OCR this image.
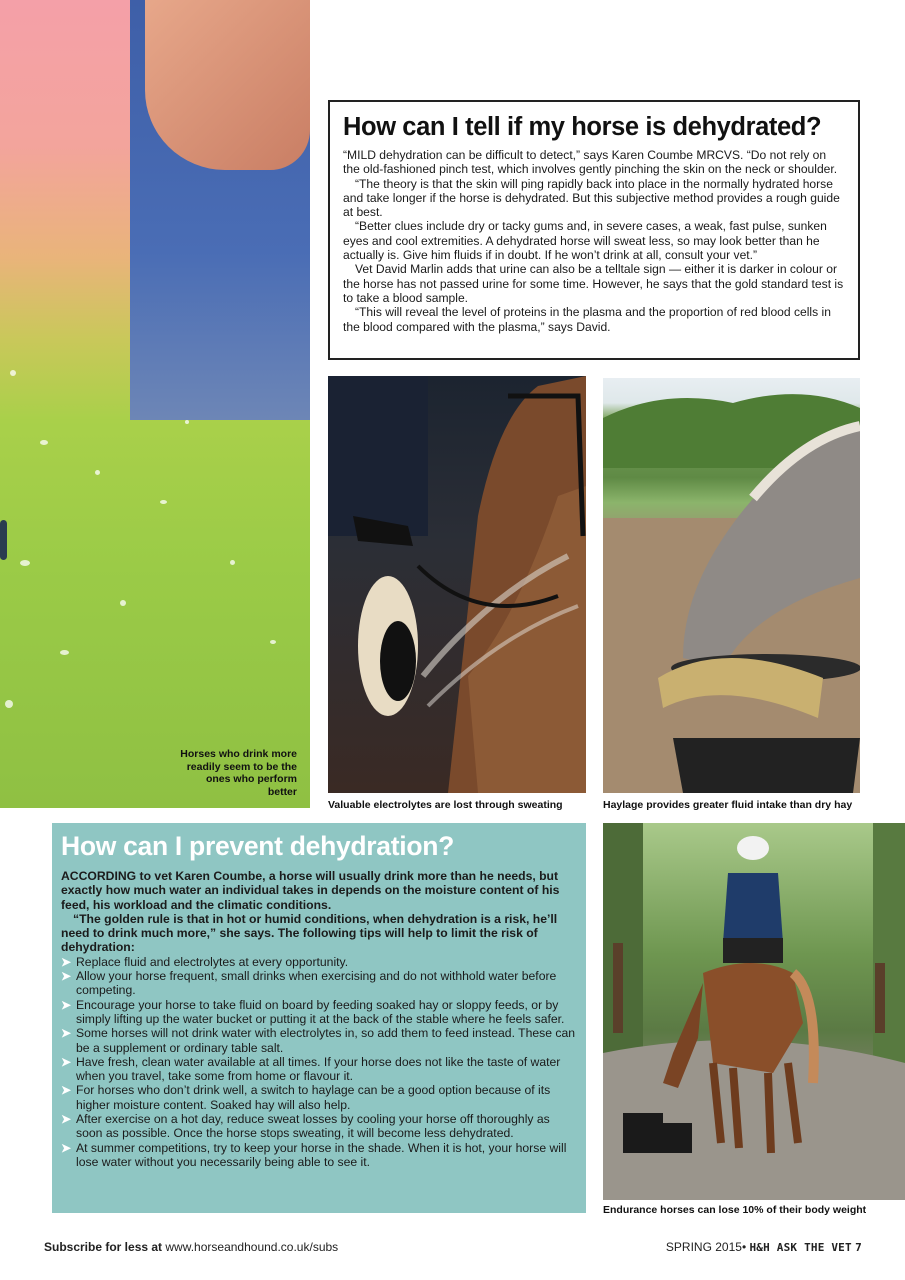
Horses who drink more readily seem to be the ones who perform better
How can I tell if my horse is dehydrated?

“MILD dehydration can be difficult to detect,” says Karen Coumbe MRCVS. “Do not rely on the old-fashioned pinch test, which involves gently pinching the skin on the neck or shoulder.

“The theory is that the skin will ping rapidly back into place in the normally hydrated horse and take longer if the horse is dehydrated. But this subjective method provides a rough guide at best.

“Better clues include dry or tacky gums and, in severe cases, a weak, fast pulse, sunken eyes and cool extremities. A dehydrated horse will sweat less, so may look better than he actually is. Give him fluids if in doubt. If he won’t drink at all, consult your vet.”

Vet David Marlin adds that urine can also be a telltale sign — either it is darker in colour or the horse has not passed urine for some time. However, he says that the gold standard test is to take a blood sample.

“This will reveal the level of proteins in the plasma and the proportion of red blood cells in the blood compared with the plasma,” says David.

Valuable electrolytes are lost through sweating	Haylage provides greater fluid intake than dry hay
How can I prevent dehydration?

ACCORDING to vet Karen Coumbe, a horse will usually drink more than he needs, but exactly how much water an individual takes in depends on the moisture content of his feed, his workload and the climatic conditions.

“The golden rule is that in hot or humid conditions, when dehydration is a risk, he’ll need to drink much more,” she says. The following tips will help to limit the risk of dehydration:

➤ Replace fluid and electrolytes at every opportunity.
➤ Allow your horse frequent, small drinks when exercising and do not withhold water before competing.
➤ Encourage your horse to take fluid on board by feeding soaked hay or sloppy feeds, or by simply lifting up the water bucket or putting it at the back of the stable where he feels safer.
➤ Some horses will not drink water with electrolytes in, so add them to feed instead. These can be a supplement or ordinary table salt.
➤ Have fresh, clean water available at all times. If your horse does not like the taste of water when you travel, take some from home or flavour it.
➤ For horses who don’t drink well, a switch to haylage can be a good option because of its higher moisture content. Soaked hay will also help.
➤ After exercise on a hot day, reduce sweat losses by cooling your horse off thoroughly as soon as possible. Once the horse stops sweating, it will become less dehydrated.
➤ At summer competitions, try to keep your horse in the shade. When it is hot, your horse will lose water without you necessarily being able to see it.
Endurance horses can lose 10% of their body weight
Subscribe for less at www.horseandhound.co.uk/subs	SPRING 2015• H&H ASK THE VET 7
